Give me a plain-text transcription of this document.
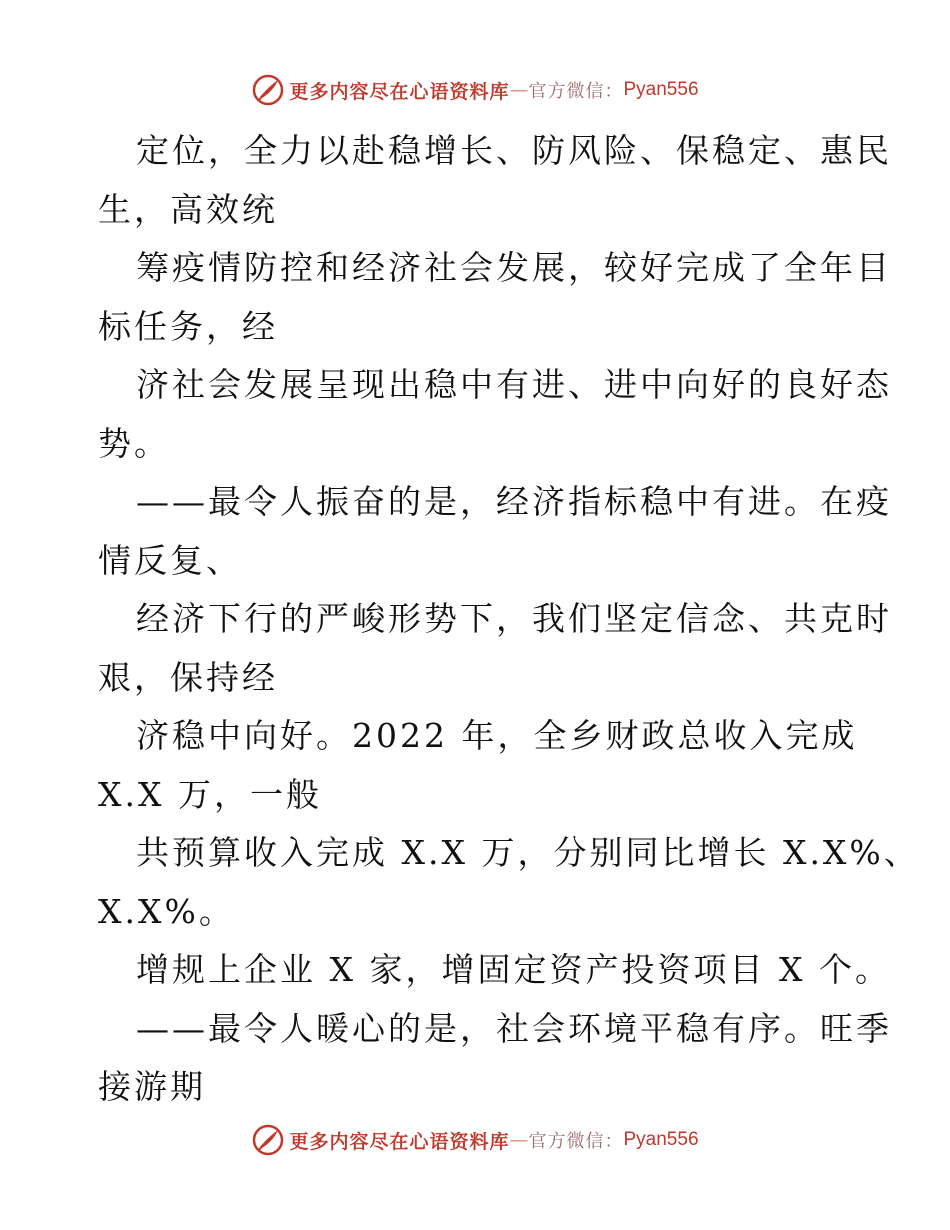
更多内容尽在心语资料库 — 官方微信： Pyan556
定位，全力以赴稳增长、防风险、保稳定、惠民
生，高效统
筹疫情防控和经济社会发展，较好完成了全年目
标任务，经
济社会发展呈现出稳中有进、进中向好的良好态
势。
——最令人振奋的是，经济指标稳中有进。在疫
情反复、
经济下行的严峻形势下，我们坚定信念、共克时
艰，保持经
济稳中向好。2022 年，全乡财政总收入完成
X.X 万，一般
共预算收入完成 X.X 万，分别同比增长 X.X%、
X.X%。
增规上企业 X 家，增固定资产投资项目 X 个。
——最令人暖心的是，社会环境平稳有序。旺季
接游期
更多内容尽在心语资料库 — 官方微信： Pyan556
